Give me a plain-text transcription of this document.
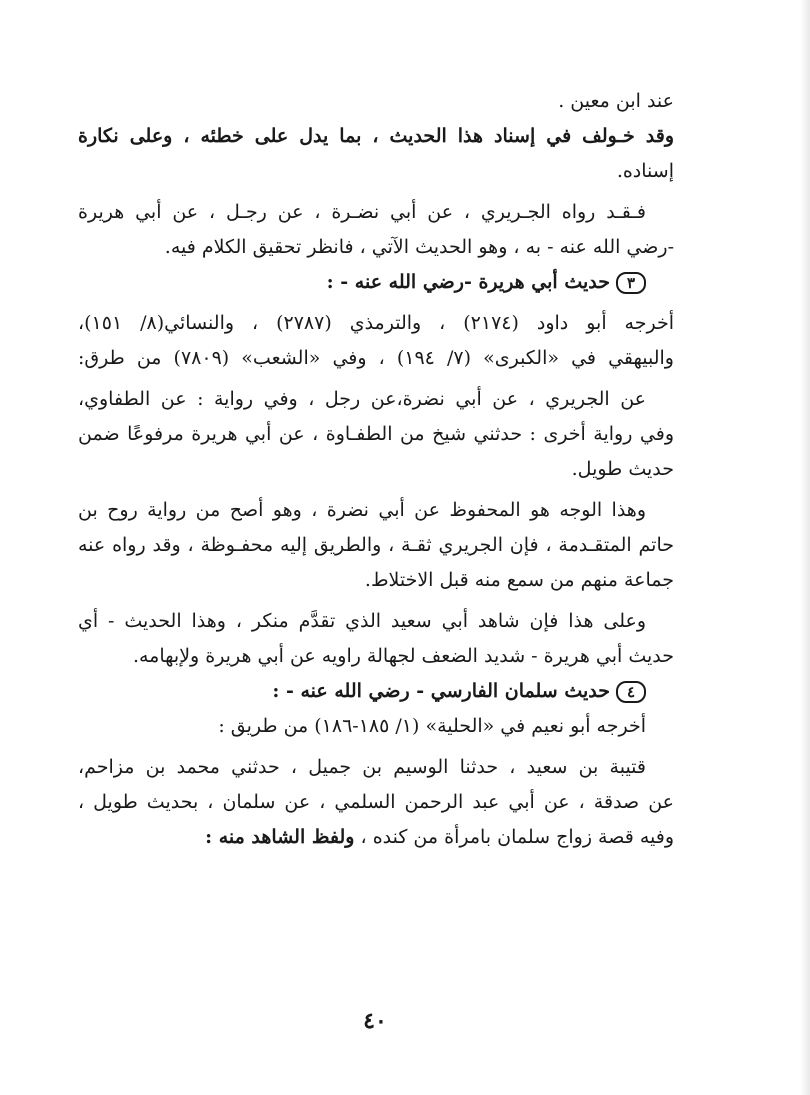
عند ابن معين .
وقد خـولف في إسناد هذا الحديث ، بما يدل على خطئه ، وعلى نكارة
إسناده.
فـقـد رواه الجـريري ، عن أبي نضـرة ، عن رجـل ، عن أبي هريرة
-رضي الله عنه - به ، وهو الحديث الآتي ، فانظر تحقيق الكلام فيه.
٣حديث أبي هريرة -رضي الله عنه - :
أخرجه أبو داود (٢١٧٤) ، والترمذي (٢٧٨٧) ، والنسائي(٨/ ١٥١)،
والبيهقي في «الكبرى» (٧/ ١٩٤) ، وفي «الشعب» (٧٨٠٩) من طرق:
عن الجريري ، عن أبي نضرة،عن رجل ، وفي رواية : عن الطفاوي،
وفي رواية أخرى : حدثني شيخ من الطفـاوة ، عن أبي هريرة مرفوعًا ضمن
حديث طويل.
وهذا الوجه هو المحفوظ عن أبي نضرة ، وهو أصح من رواية روح بن
حاتم المتقـدمة ، فإن الجريري ثقـة ، والطريق إليه محفـوظة ، وقد رواه عنه
جماعة منهم من سمع منه قبل الاختلاط.
وعلى هذا فإن شاهد أبي سعيد الذي تقدَّم منكر ، وهذا الحديث - أي
حديث أبي هريرة - شديد الضعف لجهالة راويه عن أبي هريرة ولإبهامه.
٤حديث سلمان الفارسي - رضي الله عنه - :
أخرجه أبو نعيم في «الحلية» (١/ ١٨٥-١٨٦) من طريق :
قتيبة بن سعيد ، حدثنا الوسيم بن جميل ، حدثني محمد بن مزاحم،
عن صدقة ، عن أبي عبد الرحمن السلمي ، عن سلمان ، بحديث طويل ،
وفيه قصة زواج سلمان بامرأة من كنده ، ولفظ الشاهد منه :
٤٠
